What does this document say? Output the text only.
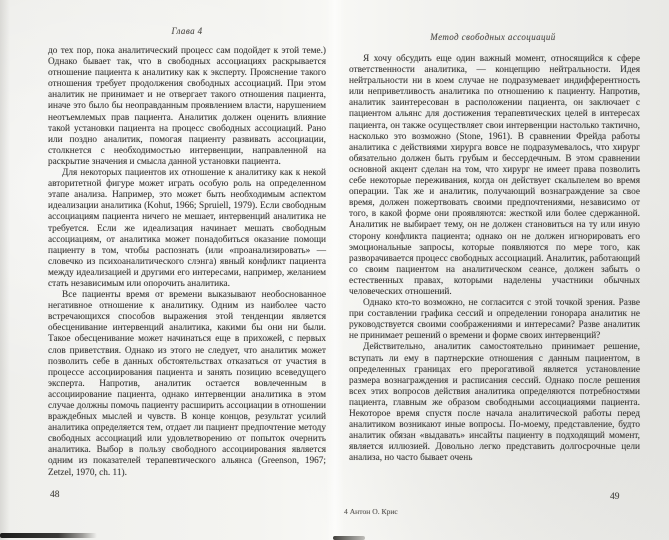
Глава 4

до тех пор, пока аналитический процесс сам подойдет к этой теме.) Однако бывает так, что в свободных ассоциациях раскрывается отношение пациента к аналитику как к эксперту. Прояснение такого отношения требует продолжения свободных ассоциаций. При этом аналитик не принимает и не отвергает такого отношения пациента, иначе это было бы неоправданным проявлением власти, нарушением неотъемлемых прав пациента. Аналитик должен оценить влияние такой установки пациента на процесс свободных ассоциаций. Рано или поздно аналитик, помогая пациенту развивать ассоциации, столкнется с необходимостью интервенции, направленной на раскрытие значения и смысла данной установки пациента.

Для некоторых пациентов их отношение к аналитику как к некой авторитетной фигуре может играть особую роль на определенном этапе анализа. Например, это может быть необходимым аспектом идеализации аналитика (Kohut, 1966; Spruiell, 1979). Если свободным ассоциациям пациента ничего не мешает, интервенций аналитика не требуется. Если же идеализация начинает мешать свободным ассоциациям, от аналитика может понадобиться оказание помощи пациенту в том, чтобы распознать (или «проанализировать» — словечко из психоаналитического слэнга) явный конфликт пациента между идеализацией и другими его интересами, например, желанием стать независимым или опорочить аналитика.

Все пациенты время от времени выказывают необоснованное негативное отношение к аналитику. Одним из наиболее часто встречающихся способов выражения этой тенденции является обесценивание интервенций аналитика, какими бы они ни были. Такое обесценивание может начинаться еще в прихожей, с первых слов приветствия. Однако из этого не следует, что аналитик может позволить себе в данных обстоятельствах отказаться от участия в процессе ассоциирования пациента и занять позицию всеведущего эксперта. Напротив, аналитик остается вовлеченным в ассоциирование пациента, однако интервенции аналитика в этом случае должны помочь пациенту расширить ассоциации в отношении враждебных мыслей и чувств. В конце концов, результат усилий аналитика определяется тем, отдает ли пациент предпочтение методу свободных ассоциаций или удовлетворению от попыток очернить аналитика. Выбор в пользу свободного ассоциирования является одним из показателей терапевтического альянса (Greenson, 1967; Zetzel, 1970, ch. 11).

48
Метод свободных ассоциаций

Я хочу обсудить еще один важный момент, относящийся к сфере ответственности аналитика, — концепцию нейтральности. Идея нейтральности ни в коем случае не подразумевает индифферентность или неприветливость аналитика по отношению к пациенту. Напротив, аналитик заинтересован в расположении пациента, он заключает с пациентом альянс для достижения терапевтических целей в интересах пациента, он также осуществляет свои интервенции настолько тактично, насколько это возможно (Stone, 1961). В сравнении Фрейда работы аналитика с действиями хирурга вовсе не подразумевалось, что хирург обязательно должен быть грубым и бессердечным. В этом сравнении основной акцент сделан на том, что хирург не имеет права позволить себе некоторые переживания, когда он действует скальпелем во время операции. Так же и аналитик, получающий вознаграждение за свое время, должен пожертвовать своими предпочтениями, независимо от того, в какой форме они проявляются: жесткой или более сдержанной. Аналитик не выбирает тему, он не должен становиться на ту или иную сторону конфликта пациента; однако он не должен игнорировать его эмоциональные запросы, которые появляются по мере того, как разворачивается процесс свободных ассоциаций. Аналитик, работающий со своим пациентом на аналитическом сеансе, должен забыть о естественных правах, которыми наделены участники обычных человеческих отношений.

Однако кто-то возможно, не согласится с этой точкой зрения. Разве при составлении графика сессий и определении гонорара аналитик не руководствуется своими соображениями и интересами? Разве аналитик не принимает решений о времени и форме своих интервенций?

Действительно, аналитик самостоятельно принимает решение, вступать ли ему в партнерские отношения с данным пациентом, в определенных границах его прерогативой является установление размера вознаграждения и расписания сессий. Однако после решения всех этих вопросов действия аналитика определяются потребностями пациента, главным же образом свободными ассоциациями пациента. Некоторое время спустя после начала аналитической работы перед аналитиком возникают иные вопросы. По-моему, представление, будто аналитик обязан «выдавать» инсайты пациенту в подходящий момент, является иллюзией. Довольно легко представить долгосрочные цели анализа, но часто бывает очень

49
4 Антон О. Крис
